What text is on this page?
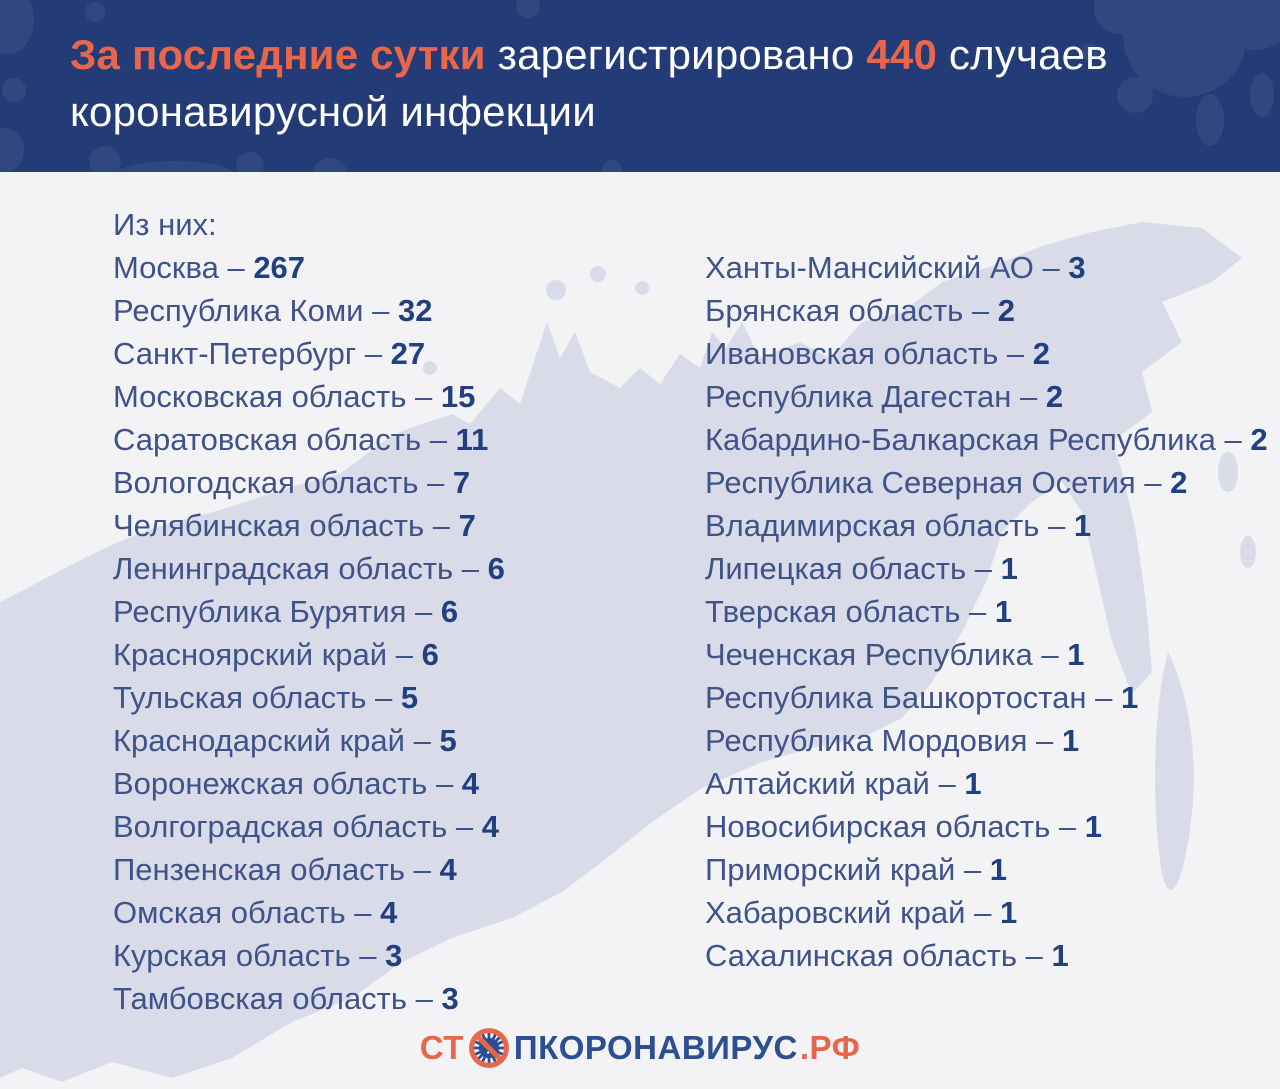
За последние сутки зарегистрировано 440 случаев
коронавирусной инфекции
Из них:
Москва – 267
Республика Коми – 32
Санкт-Петербург – 27
Московская область – 15
Саратовская область – 11
Вологодская область – 7
Челябинская область – 7
Ленинградская область – 6
Республика Бурятия – 6
Красноярский край – 6
Тульская область – 5
Краснодарский край – 5
Воронежская область – 4
Волгоградская область – 4
Пензенская область – 4
Омская область – 4
Курская область – 3
Тамбовская область – 3
Ханты-Мансийский АО – 3
Брянская область – 2
Ивановская область – 2
Республика Дагестан – 2
Кабардино-Балкарская Республика – 2
Республика Северная Осетия – 2
Владимирская область – 1
Липецкая область – 1
Тверская область – 1
Чеченская Республика – 1
Республика Башкортостан – 1
Республика Мордовия – 1
Алтайский край – 1
Новосибирская область – 1
Приморский край – 1
Хабаровский край – 1
Сахалинская область – 1
СТ ПКОРОНАВИРУС .РФ
